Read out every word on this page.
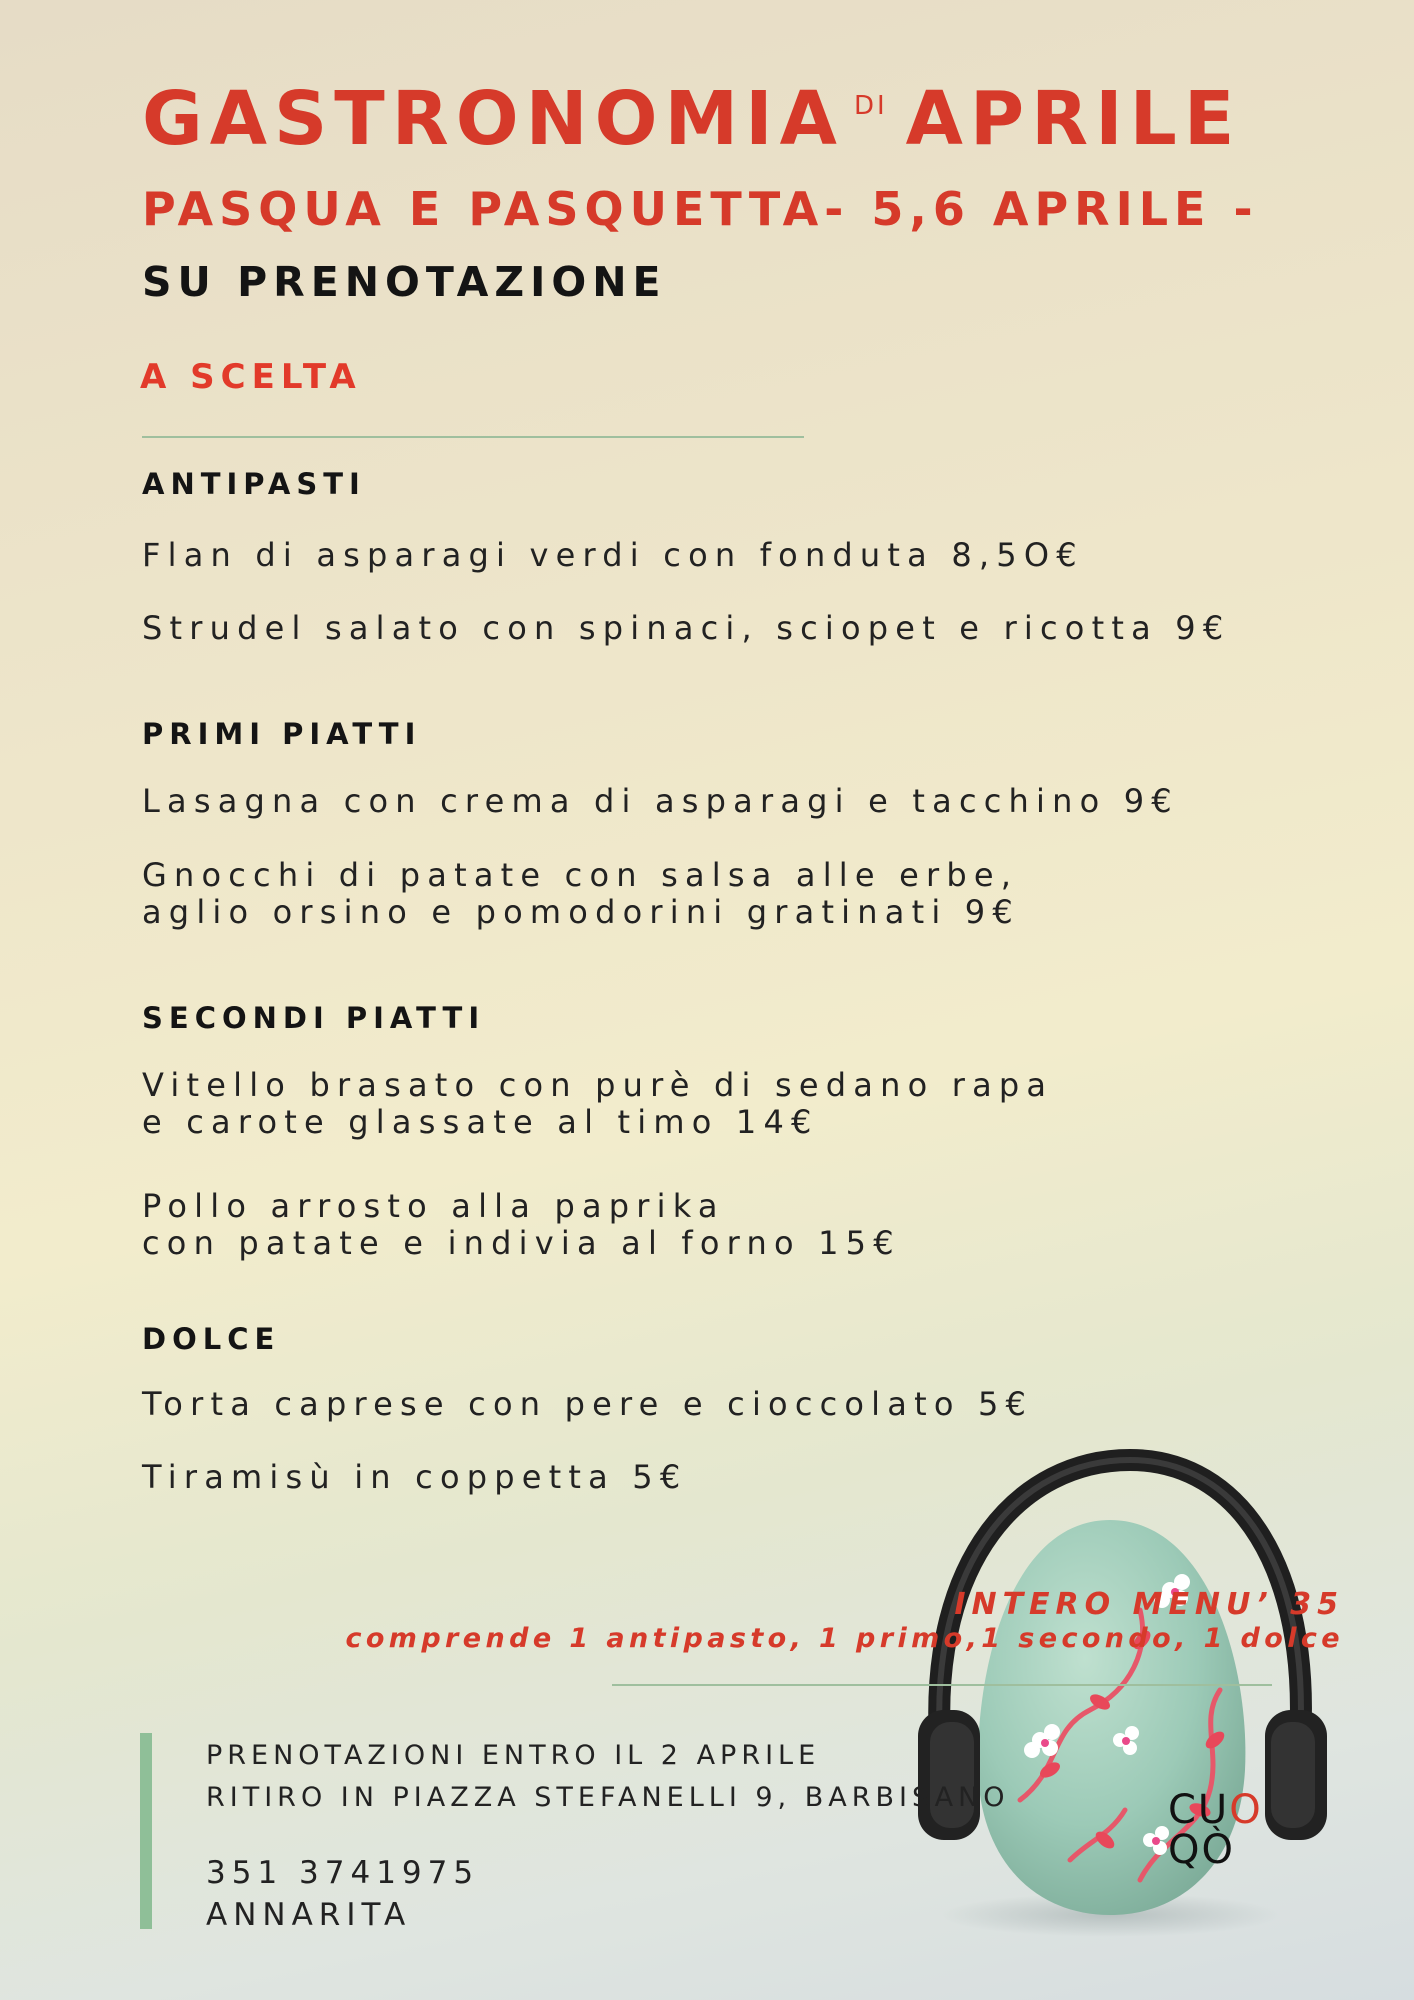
GASTRONOMIA $^{DI}$ APRILE
PASQUA E PASQUETTA- 5,6 APRILE -
SU PRENOTAZIONE
A SCELTA
ANTIPASTI
Flan di asparagi verdi con fonduta 8,5O€
Strudel salato con spinaci, sciopet e ricotta 9€
PRIMI PIATTI
Lasagna con crema di asparagi e tacchino 9€
Gnocchi di patate con salsa alle erbe,
aglio orsino e pomodorini gratinati 9€
SECONDI PIATTI
Vitello brasato con purè di sedano rapa
e carote glassate al timo 14€
Pollo arrosto alla paprika
con patate e indivia al forno 15€
DOLCE
Torta caprese con pere e cioccolato 5€
Tiramisù in coppetta 5€
INTERO MENU’ 35
comprende 1 antipasto, 1 primo,1 secondo, 1 dolce
PRENOTAZIONI ENTRO IL 2 APRILE
RITIRO IN PIAZZA STEFANELLI 9, BARBISANO
351 3741975
ANNARITA
CUO
QÒ
